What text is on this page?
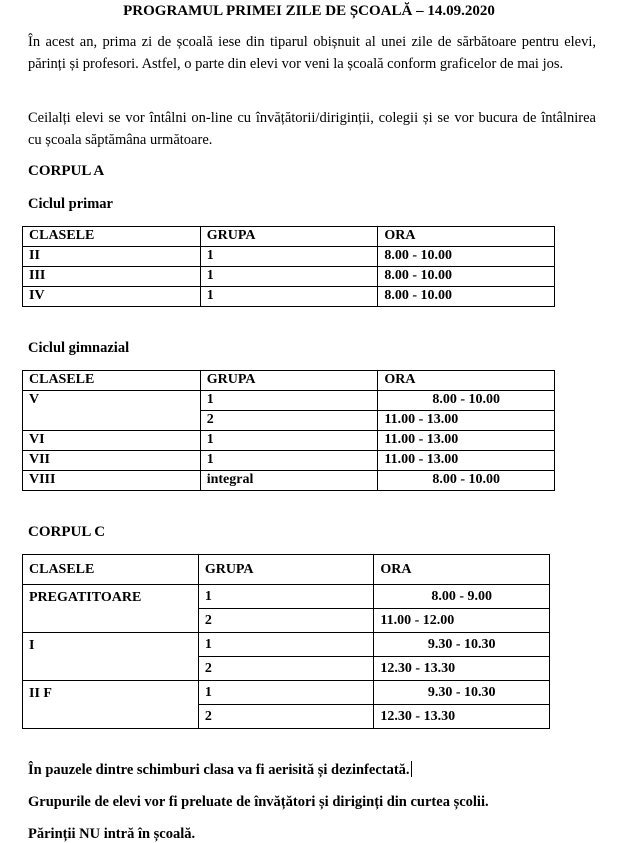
PROGRAMUL PRIMEI ZILE DE ȘCOALĂ – 14.09.2020

În acest an, prima zi de școală iese din tiparul obișnuit al unei zile de sărbătoare pentru elevi, părinți și profesori. Astfel, o parte din elevi vor veni la școală conform graficelor de mai jos.

Ceilalți elevi se vor întâlni on-line cu învățătorii/diriginții, colegii și se vor bucura de întâlnirea cu școala săptămâna următoare.

CORPUL A
Ciclul primar
CLASELE	GRUPA	ORA
II	1	8.00 - 10.00
III	1	8.00 - 10.00
IV	1	8.00 - 10.00
Ciclul gimnazial
CLASELE	GRUPA	ORA
V	1	8.00 - 10.00
	2	11.00 - 13.00
VI	1	11.00 - 13.00
VII	1	11.00 - 13.00
VIII	integral	8.00 - 10.00
CORPUL C
CLASELE	GRUPA	ORA
PREGATITOARE	1	8.00 - 9.00
	2	11.00 - 12.00
I	1	9.30 - 10.30
	2	12.30 - 13.30
II F	1	9.30 - 10.30
	2	12.30 - 13.30
În pauzele dintre schimburi clasa va fi aerisită și dezinfectată.
Grupurile de elevi vor fi preluate de învățători și diriginți din curtea școlii.
Părinții NU intră în școală.
